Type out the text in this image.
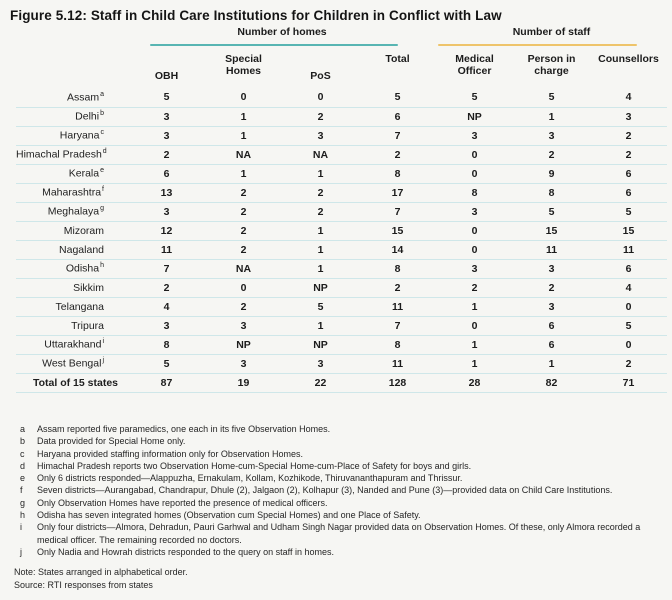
Figure 5.12: Staff in Child Care Institutions for Children in Conflict with Law

	Number of homes				Number of staff		

	OBH	Special Homes	PoS	Total	Medical Officer	Person in charge	Counsellors
Assam$^a$	5	0	0	5	5	5	4
Delhi$^b$	3	1	2	6	NP	1	3
Haryana$^c$	3	1	3	7	3	3	2
Himachal Pradesh$^d$	2	NA	NA	2	0	2	2
Kerala$^e$	6	1	1	8	0	9	6
Maharashtra$^f$	13	2	2	17	8	8	6
Meghalaya$^g$	3	2	2	7	3	5	5
Mizoram	12	2	1	15	0	15	15
Nagaland	11	2	1	14	0	11	11
Odisha$^h$	7	NA	1	8	3	3	6
Sikkim	2	0	NP	2	2	2	4
Telangana	4	2	5	11	1	3	0
Tripura	3	3	1	7	0	6	5
Uttarakhand$^i$	8	NP	NP	8	1	6	0
West Bengal$^j$	5	3	3	11	1	1	2
Total of 15 states	87	19	22	128	28	82	71
a	Assam reported five paramedics, one each in its five Observation Homes.
b	Data provided for Special Home only.
c	Haryana provided staffing information only for Observation Homes.
d	Himachal Pradesh reports two Observation Home-cum-Special Home-cum-Place of Safety for boys and girls.
e	Only 6 districts responded—Alappuzha, Ernakulam, Kollam, Kozhikode, Thiruvananthapuram and Thrissur.
f	Seven districts—Aurangabad, Chandrapur, Dhule (2), Jalgaon (2), Kolhapur (3), Nanded and Pune (3)—provided data on Child Care Institutions.
g	Only Observation Homes have reported the presence of medical officers.
h	Odisha has seven integrated homes (Observation cum Special Homes) and one Place of Safety.
i	Only four districts—Almora, Dehradun, Pauri Garhwal and Udham Singh Nagar provided data on Observation Homes. Of these, only Almora recorded a medical officer. The remaining recorded no doctors.
j	Only Nadia and Howrah districts responded to the query on staff in homes.
Note: States arranged in alphabetical order.
Source: RTI responses from states
